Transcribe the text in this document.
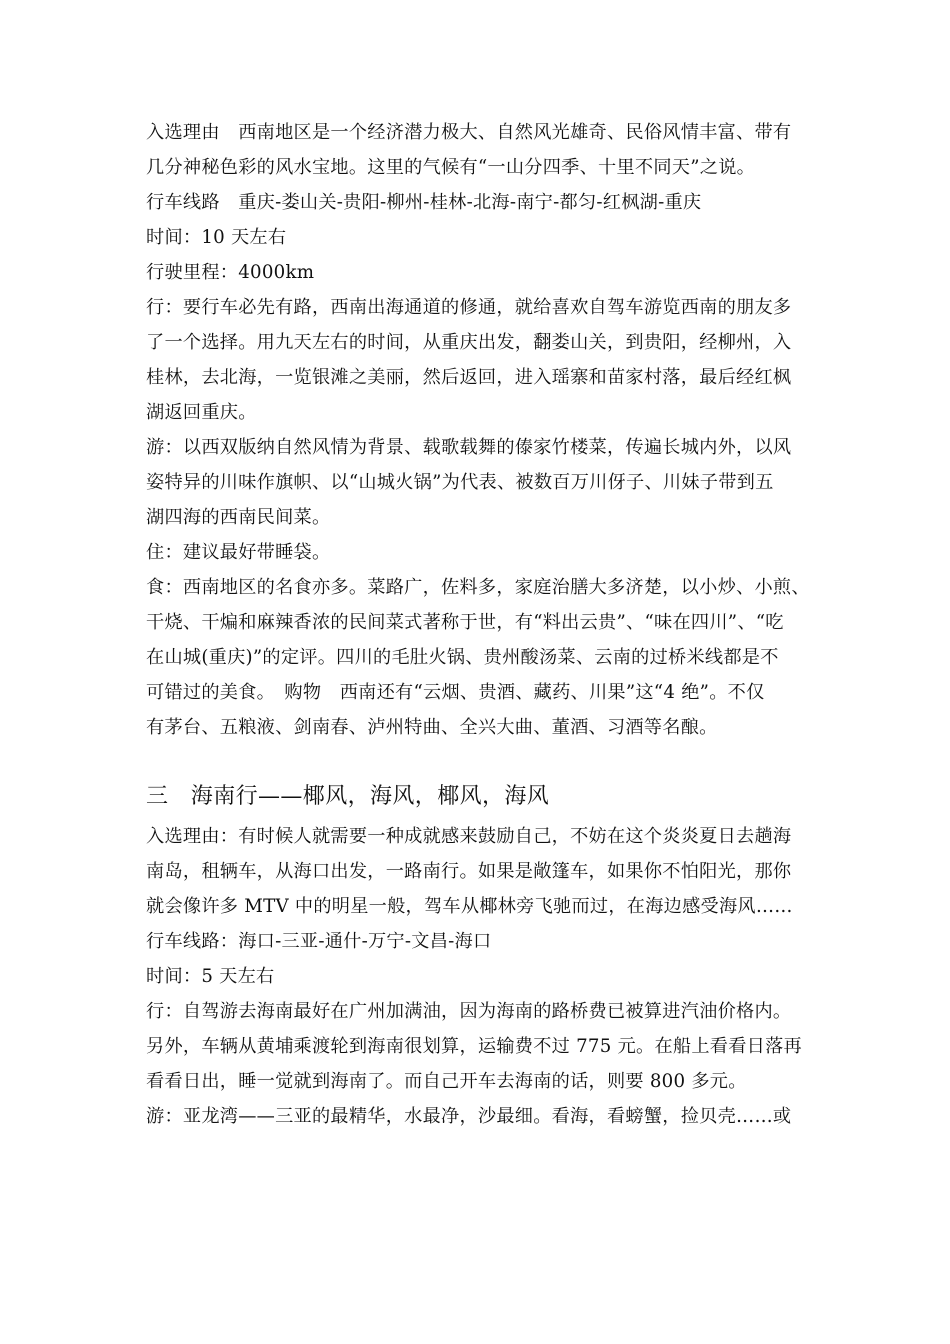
入选理由　西南地区是一个经济潜力极大、自然风光雄奇、民俗风情丰富、带有
几分神秘色彩的风水宝地。这里的气候有“一山分四季、十里不同天”之说。
行车线路　重庆-娄山关-贵阳-柳州-桂林-北海-南宁-都匀-红枫湖-重庆
时间：10 天左右
行驶里程：4000km
行：要行车必先有路，西南出海通道的修通，就给喜欢自驾车游览西南的朋友多
了一个选择。用九天左右的时间，从重庆出发，翻娄山关，到贵阳，经柳州，入
桂林，去北海，一览银滩之美丽，然后返回，进入瑶寨和苗家村落，最后经红枫
湖返回重庆。
游：以西双版纳自然风情为背景、载歌载舞的傣家竹楼菜，传遍长城内外，以风
姿特异的川味作旗帜、以“山城火锅”为代表、被数百万川伢子、川妹子带到五
湖四海的西南民间菜。
住：建议最好带睡袋。
食：西南地区的名食亦多。菜路广，佐料多，家庭治膳大多济楚，以小炒、小煎、
干烧、干煸和麻辣香浓的民间菜式著称于世，有“料出云贵”、“味在四川”、“吃
在山城(重庆)”的定评。四川的毛肚火锅、贵州酸汤菜、云南的过桥米线都是不
可错过的美食。　购物　西南还有“云烟、贵酒、藏药、川果”这“4 绝”。不仅
有茅台、五粮液、剑南春、泸州特曲、全兴大曲、董酒、习酒等名酿。
三　海南行——椰风，海风，椰风，海风
入选理由：有时候人就需要一种成就感来鼓励自己，不妨在这个炎炎夏日去趟海
南岛，租辆车，从海口出发，一路南行。如果是敞篷车，如果你不怕阳光，那你
就会像许多 MTV 中的明星一般，驾车从椰林旁飞驰而过，在海边感受海风……
行车线路：海口-三亚-通什-万宁-文昌-海口
时间：5 天左右
行：自驾游去海南最好在广州加满油，因为海南的路桥费已被算进汽油价格内。
另外，车辆从黄埔乘渡轮到海南很划算，运输费不过 775 元。在船上看看日落再
看看日出，睡一觉就到海南了。而自己开车去海南的话，则要 800 多元。
游：亚龙湾——三亚的最精华，水最净，沙最细。看海，看螃蟹，捡贝壳……或
